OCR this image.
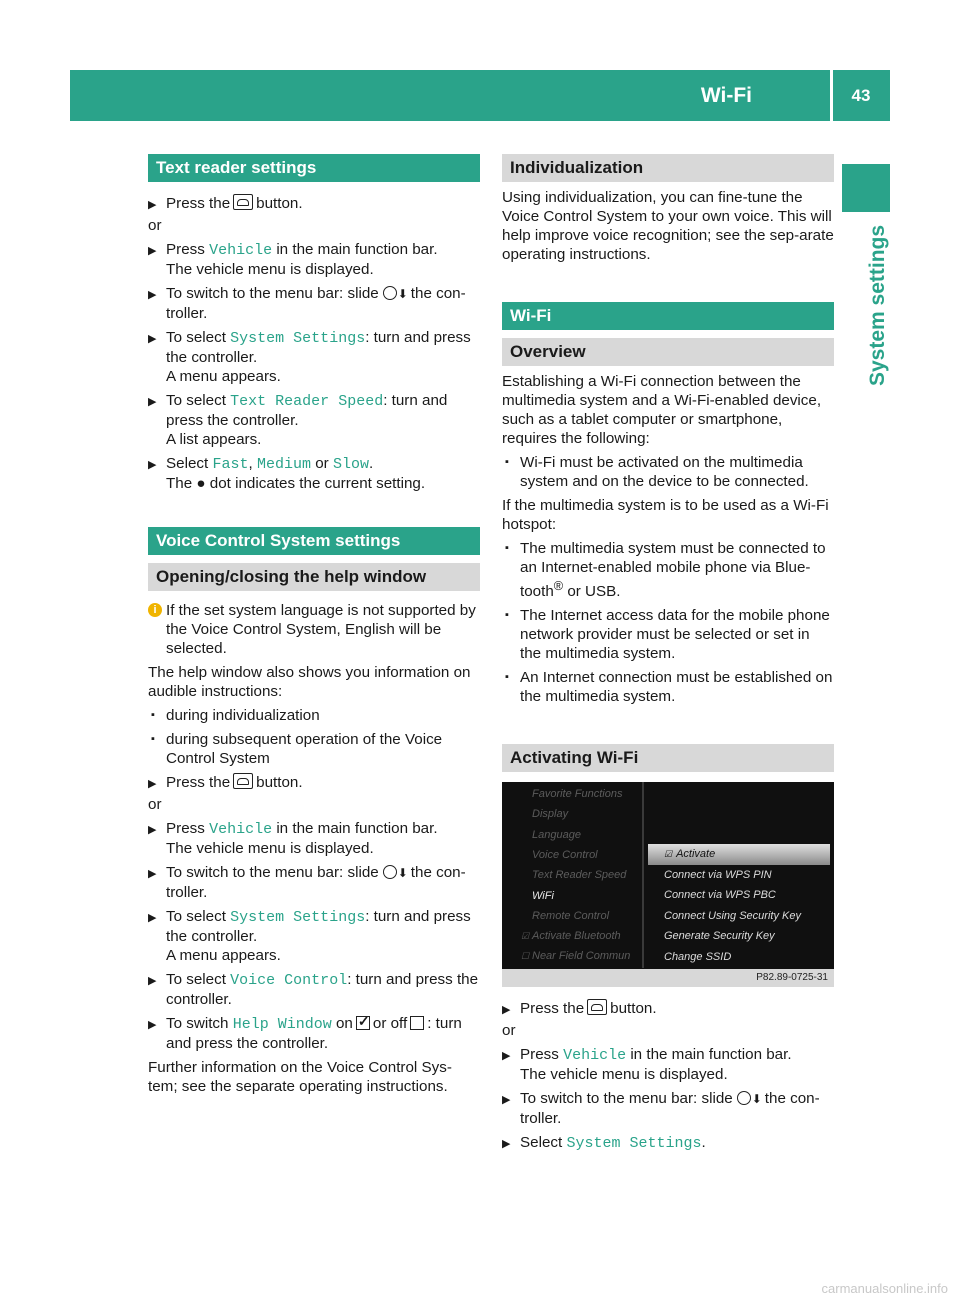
Wi-Fi	43
System settings
Text reader settings
▶ Press the button.

or

▶ Press Vehicle in the main function bar.
The vehicle menu is displayed.
▶ To switch to the menu bar: slide ⬇ the con-troller.
▶ To select System Settings: turn and press the controller.
A menu appears.
▶ To select Text Reader Speed: turn and press the controller.
A list appears.
▶ Select Fast, Medium or Slow.
The ● dot indicates the current setting.
Voice Control System settings
Opening/closing the help window
i If the set system language is not supported by the Voice Control System, English will be selected.

The help window also shows you information on audible instructions:

▪ during individualization
▪ during subsequent operation of the Voice Control System
▶ Press the button.

or

▶ Press Vehicle in the main function bar.
The vehicle menu is displayed.
▶ To switch to the menu bar: slide ⬇ the con-troller.
▶ To select System Settings: turn and press the controller.
A menu appears.
▶ To select Voice Control: turn and press the controller.
▶ To switch Help Window on✓ or off : turn and press the controller.

Further information on the Voice Control Sys-tem; see the separate operating instructions.

Individualization

Using individualization, you can fine-tune the Voice Control System to your own voice. This will help improve voice recognition; see the sep-arate operating instructions.

Wi-Fi
Overview

Establishing a Wi-Fi connection between the multimedia system and a Wi-Fi-enabled device, such as a tablet computer or smartphone, requires the following:

▪ Wi-Fi must be activated on the multimedia system and on the device to be connected.

If the multimedia system is to be used as a Wi-Fi hotspot:

▪ The multimedia system must be connected to an Internet-enabled mobile phone via Blue-tooth® or USB.
▪ The Internet access data for the mobile phone network provider must be selected or set in the multimedia system.
▪ An Internet connection must be established on the multimedia system.
Activating Wi-Fi
Favorite Functions
Display
Language
Voice Control
Text Reader Speed
WiFi
Remote Control
☑ Activate Bluetooth
☐ Near Field Commun
☑ Activate
Connect via WPS PIN
Connect via WPS PBC
Connect Using Security Key
Generate Security Key
Change SSID
P82.89-0725-31
▶ Press the button.

or

▶ Press Vehicle in the main function bar.
The vehicle menu is displayed.
▶ To switch to the menu bar: slide ⬇ the con-troller.
▶ Select System Settings.
carmanualsonline.info
